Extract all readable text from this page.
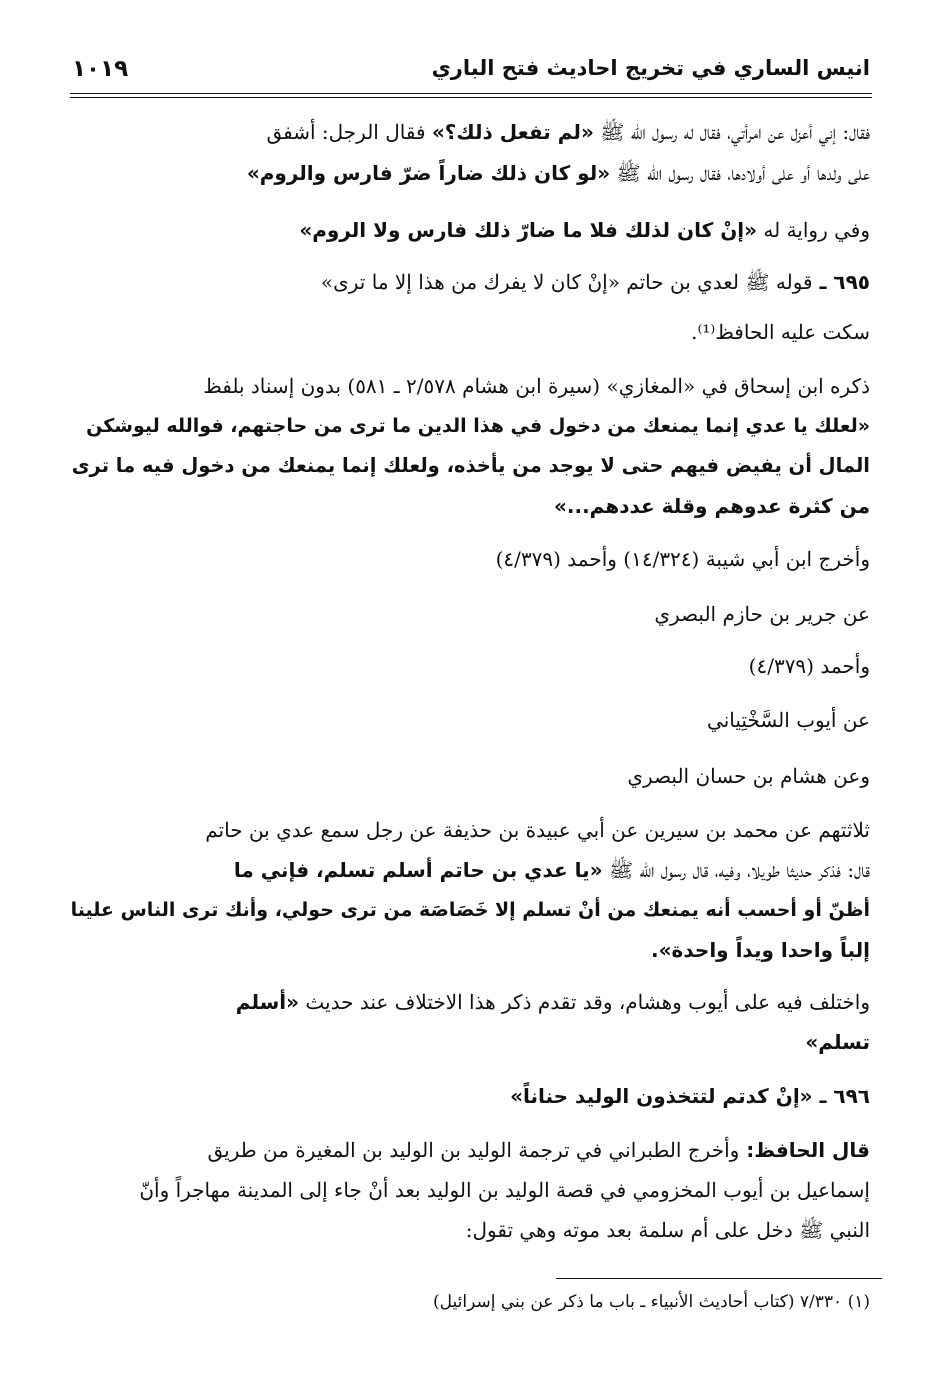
انيس الساري في تخريج احاديث فتح الباري
١٠١٩
فقال: إني أعزل عن امرأتي، فقال له رسول الله ﷺ «لم تفعل ذلك؟» فقال الرجل: أشفق
على ولدها أو على أولادها، فقال رسول الله ﷺ «لو كان ذلك ضاراً ضرّ فارس والروم»
وفي رواية له «إنْ كان لذلك فلا ما ضارّ ذلك فارس ولا الروم»
٦٩٥ ـ قوله ﷺ لعدي بن حاتم «إنْ كان لا يفرك من هذا إلا ما ترى»
سكت عليه الحافظ⁽¹⁾.
ذكره ابن إسحاق في «المغازي» (سيرة ابن هشام ٢/٥٧٨ ـ ٥٨١) بدون إسناد بلفظ
«لعلك يا عدي إنما يمنعك من دخول في هذا الدين ما ترى من حاجتهم، فوالله ليوشكن
المال أن يفيض فيهم حتى لا يوجد من يأخذه، ولعلك إنما يمنعك من دخول فيه ما ترى
من كثرة عدوهم وقلة عددهم...»
وأخرج ابن أبي شيبة (١٤/٣٢٤) وأحمد (٤/٣٧٩)
عن جرير بن حازم البصري
وأحمد (٤/٣٧٩)
عن أيوب السَّخْتِياني
وعن هشام بن حسان البصري
ثلاثتهم عن محمد بن سيرين عن أبي عبيدة بن حذيفة عن رجل سمع عدي بن حاتم
قال: فذكر حديثا طويلا، وفيه، قال رسول الله ﷺ «يا عدي بن حاتم أسلم تسلم، فإني ما
أظنّ أو أحسب أنه يمنعك من أنْ تسلم إلا خَصَاصَة من ترى حولي، وأنك ترى الناس علينا
إلباً واحدا ويداً واحدة».
واختلف فيه على أيوب وهشام، وقد تقدم ذكر هذا الاختلاف عند حديث «أسلم
تسلم»
٦٩٦ ـ «إنْ كدتم لتتخذون الوليد حناناً»
قال الحافظ: وأخرج الطبراني في ترجمة الوليد بن الوليد بن المغيرة من طريق
إسماعيل بن أيوب المخزومي في قصة الوليد بن الوليد بعد أنْ جاء إلى المدينة مهاجراً وأنّ
النبي ﷺ دخل على أم سلمة بعد موته وهي تقول:
(١) ٧/٣٣٠ (كتاب أحاديث الأنبياء ـ باب ما ذكر عن بني إسرائيل)
